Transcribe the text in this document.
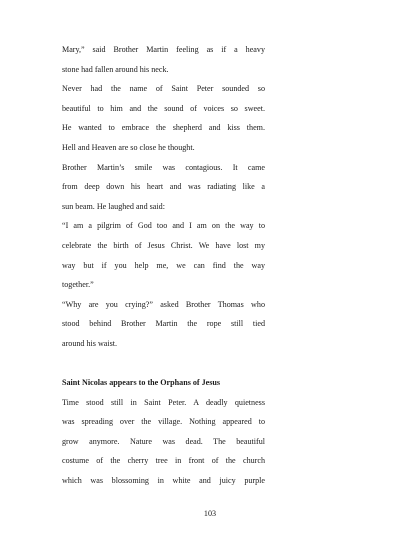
Mary,” said Brother Martin feeling as if a heavy
stone had fallen around his neck.
Never had the name of Saint Peter sounded so
beautiful to him and the sound of voices so sweet.
He wanted to embrace the shepherd and kiss them.
Hell and Heaven are so close he thought.
Brother Martin’s smile was contagious. It came
from deep down his heart and was radiating like a
sun beam. He laughed and said:
“I am a pilgrim of God too and I am on the way to
celebrate the birth of Jesus Christ. We have lost my
way but if you help me, we can find the way
together.”
“Why are you crying?” asked Brother Thomas who
stood behind Brother Martin the rope still tied
around his waist.

Saint Nicolas appears to the Orphans of Jesus

Time stood still in Saint Peter. A deadly quietness
was spreading over the village. Nothing appeared to
grow anymore. Nature was dead. The beautiful
costume of the cherry tree in front of the church
which was blossoming in white and juicy purple
103
